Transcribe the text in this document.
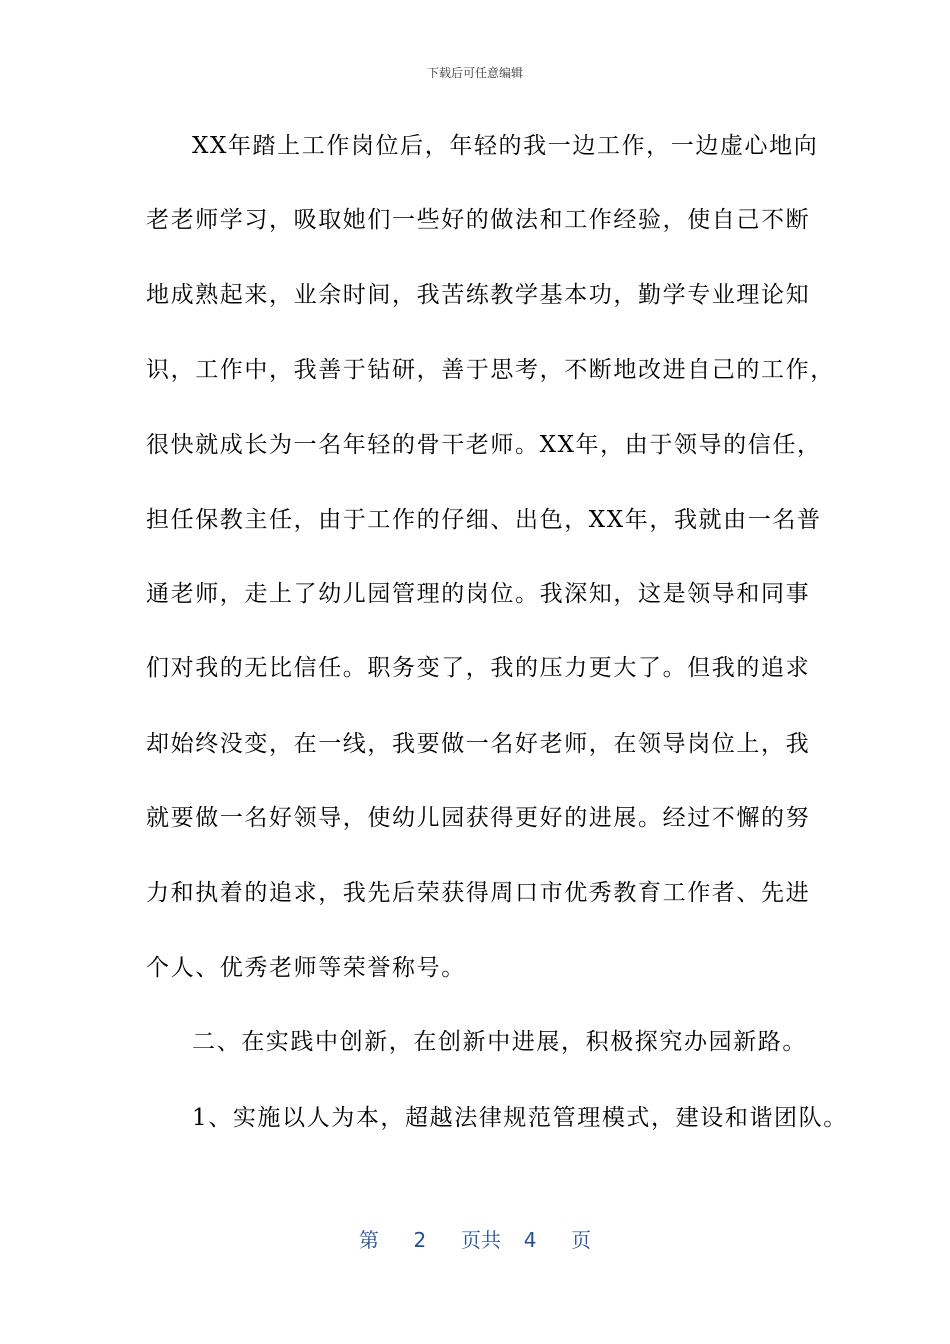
下载后可任意编辑
XX年踏上工作岗位后，年轻的我一边工作，一边虚心地向
老老师学习，吸取她们一些好的做法和工作经验，使自己不断
地成熟起来，业余时间，我苦练教学基本功，勤学专业理论知
识，工作中，我善于钻研，善于思考，不断地改进自己的工作，
很快就成长为一名年轻的骨干老师。XX年，由于领导的信任，
担任保教主任，由于工作的仔细、出色，XX年，我就由一名普
通老师，走上了幼儿园管理的岗位。我深知，这是领导和同事
们对我的无比信任。职务变了，我的压力更大了。但我的追求
却始终没变，在一线，我要做一名好老师，在领导岗位上，我
就要做一名好领导，使幼儿园获得更好的进展。经过不懈的努
力和执着的追求，我先后荣获得周口市优秀教育工作者、先进
个人、优秀老师等荣誉称号。
二、在实践中创新，在创新中进展，积极探究办园新路。
1、实施以人为本，超越法律规范管理模式，建设和谐团队。
第 2 页共 4 页
